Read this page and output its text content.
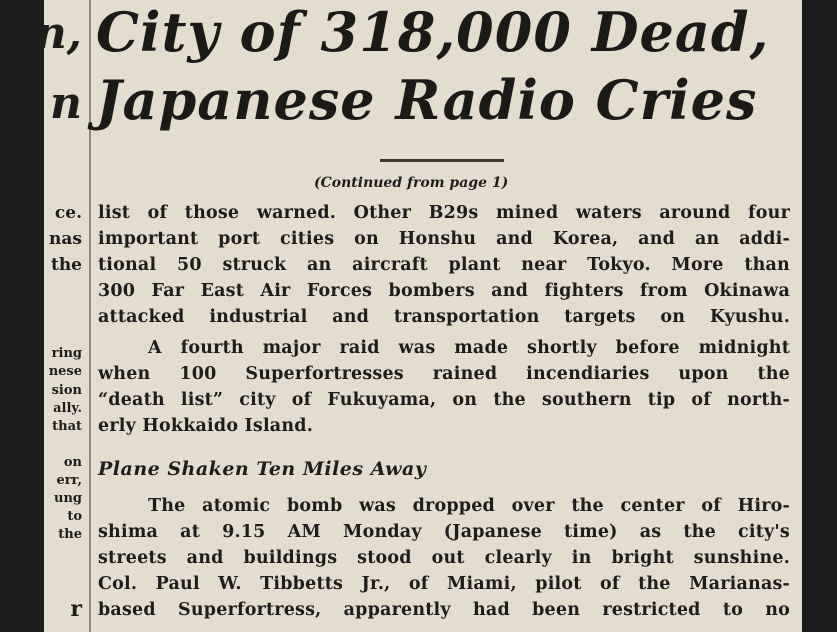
n,
n
ce.
nas
the
ring
nese
sion
ally.
that
on
err,
ung
to
the
r
City of 318,000 Dead,
Japanese Radio Cries
(Continued from page 1)
list of those warned. Other B29s mined waters around four
important port cities on Honshu and Korea, and an addi-
tional 50 struck an aircraft plant near Tokyo. More than
300 Far East Air Forces bombers and fighters from Okinawa
attacked industrial and transportation targets on Kyushu.
A fourth major raid was made shortly before midnight
when 100 Superfortresses rained incendiaries upon the
“death list” city of Fukuyama, on the southern tip of north-
erly Hokkaido Island.
Plane Shaken Ten Miles Away
The atomic bomb was dropped over the center of Hiro-
shima at 9.15 AM Monday (Japanese time) as the city's
streets and buildings stood out clearly in bright sunshine.
Col. Paul W. Tibbetts Jr., of Miami, pilot of the Marianas-
based Superfortress, apparently had been restricted to no
